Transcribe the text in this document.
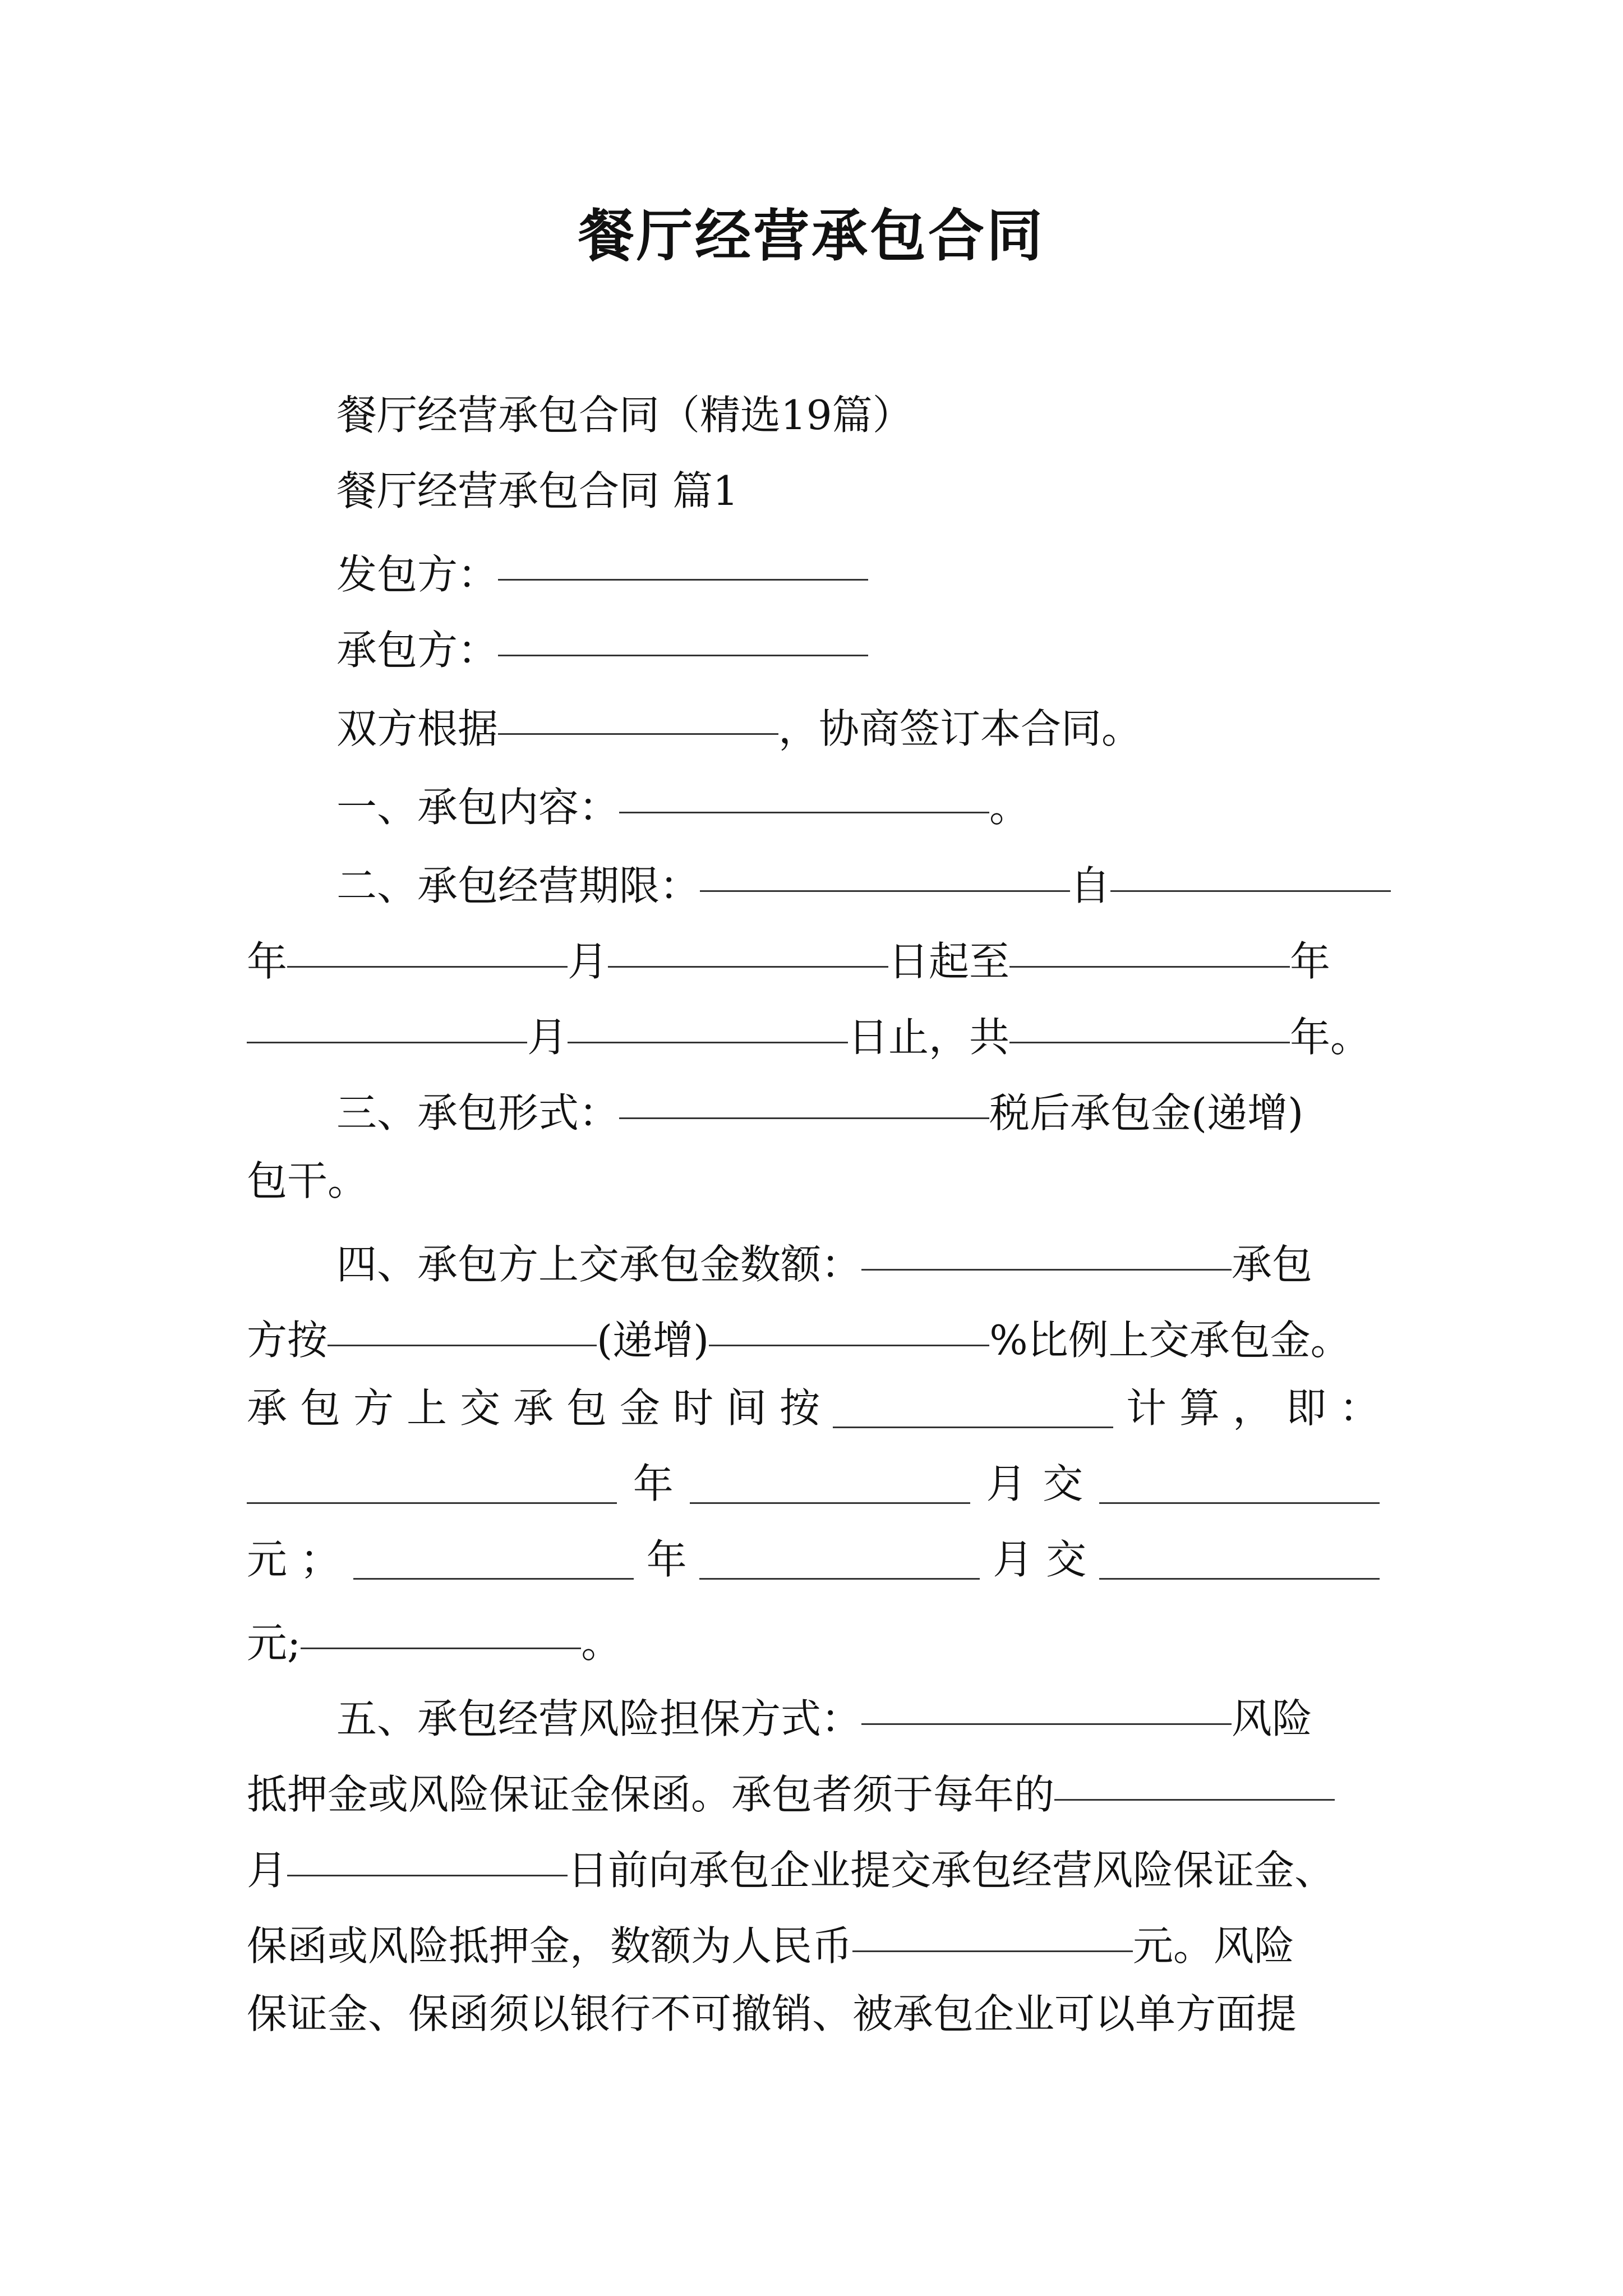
餐厅经营承包合同
餐厅经营承包合同（精选19篇）
餐厅经营承包合同 篇1
发包方：
承包方：
双方根据	，协商签订本合同。
一、承包内容：	。
二、承包经营期限：	自
年	月	日起至	年
月	日止，共	年。
三、承包形式：	税后承包金(递增)
包干。
四、承包方上交承包金数额：	承包
方按	(递增)	%比例上交承包金。
承 包 方 上 交 承 包 金 时 间 按	计 算 ， 即 ：
年	月 交
元 ；	年	月 交
元;	。
五、承包经营风险担保方式：	风险
抵押金或风险保证金保函。承包者须于每年的
月	日前向承包企业提交承包经营风险保证金、
保函或风险抵押金，数额为人民币	元。风险
保证金、保函须以银行不可撤销、被承包企业可以单方面提
